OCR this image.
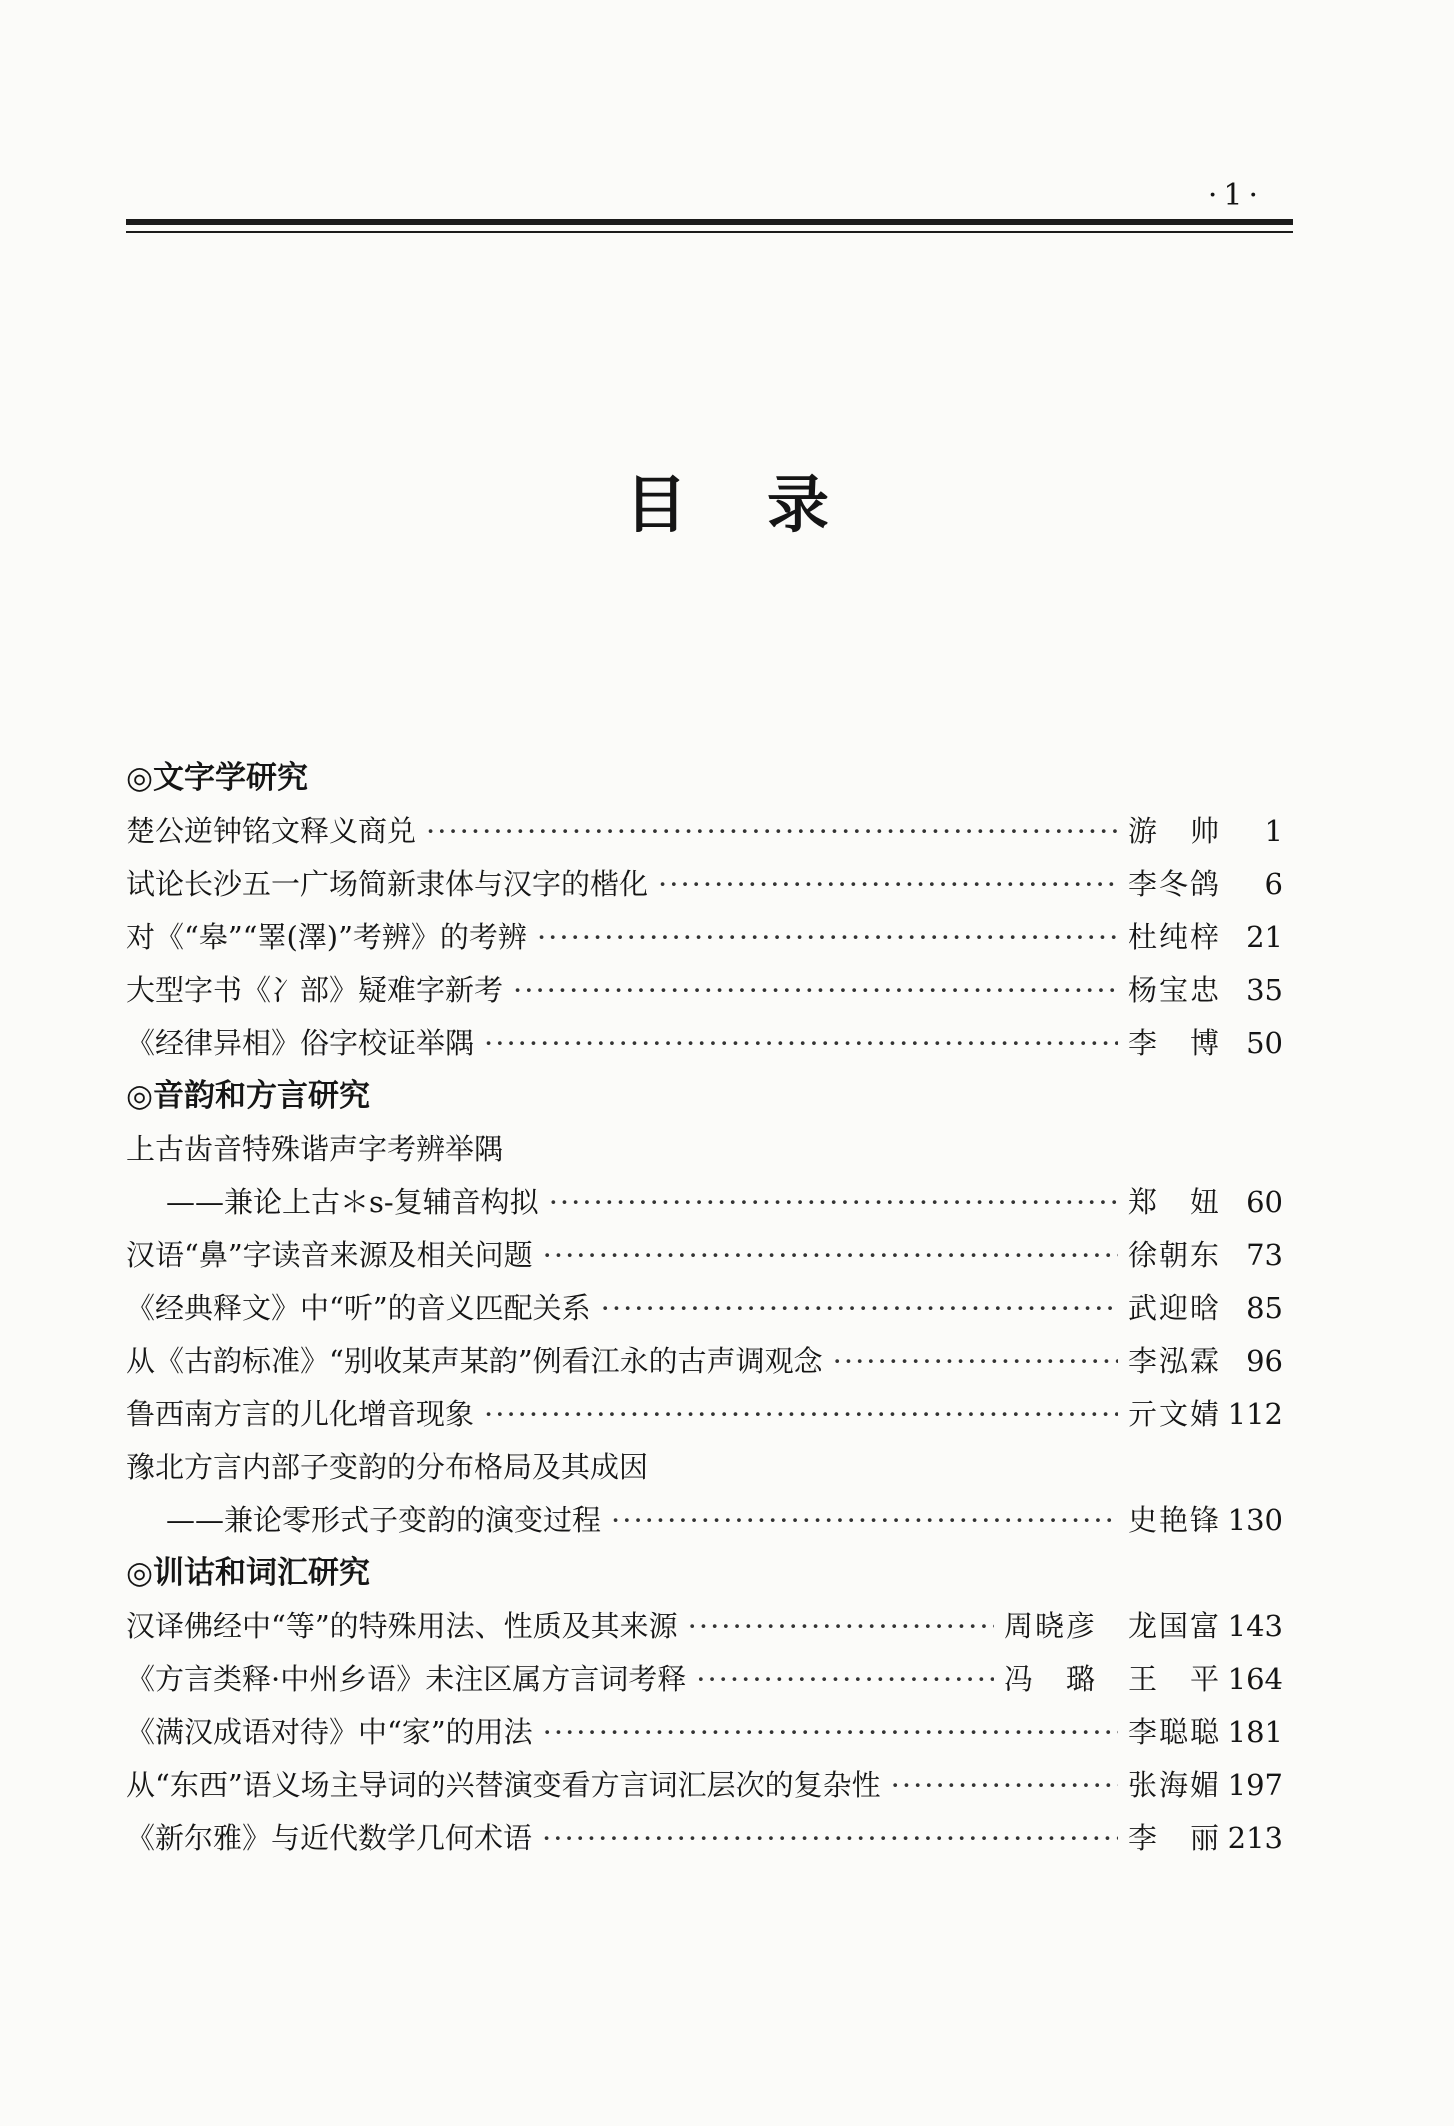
·1·
目录
◎文字学研究
楚公逆钟铭文释义商兑 ·····	游　帅	1
试论长沙五一广场简新隶体与汉字的楷化 ·····	李冬鸽	6
对《“皋”“睪(澤)”考辨》的考辨 ·····	杜纯梓 21
大型字书《冫部》疑难字新考 ·····	杨宝忠 35
《经律异相》俗字校证举隅 ·····	李　博 50
◎音韵和方言研究
上古齿音特殊谐声字考辨举隅
——兼论上古＊s-复辅音构拟 ·····	郑　妞 60
汉语“鼻”字读音来源及相关问题 ·····	徐朝东 73
《经典释文》中“听”的音义匹配关系 ·····	武迎晗 85
从《古韵标准》“别收某声某韵”例看江永的古声调观念 ·····	李泓霖 96
鲁西南方言的儿化增音现象 ·····	亓文婧 112
豫北方言内部子变韵的分布格局及其成因
——兼论零形式子变韵的演变过程 ·····	史艳锋 130
◎训诂和词汇研究
汉译佛经中“等”的特殊用法、性质及其来源 ·····	周晓彦　龙国富 143
《方言类释·中州乡语》未注区属方言词考释 ·····	冯　璐　王　平 164
《满汉成语对待》中“家”的用法 ·····	李聪聪 181
从“东西”语义场主导词的兴替演变看方言词汇层次的复杂性 ·····	张海媚 197
《新尔雅》与近代数学几何术语 ·····	李　丽 213
